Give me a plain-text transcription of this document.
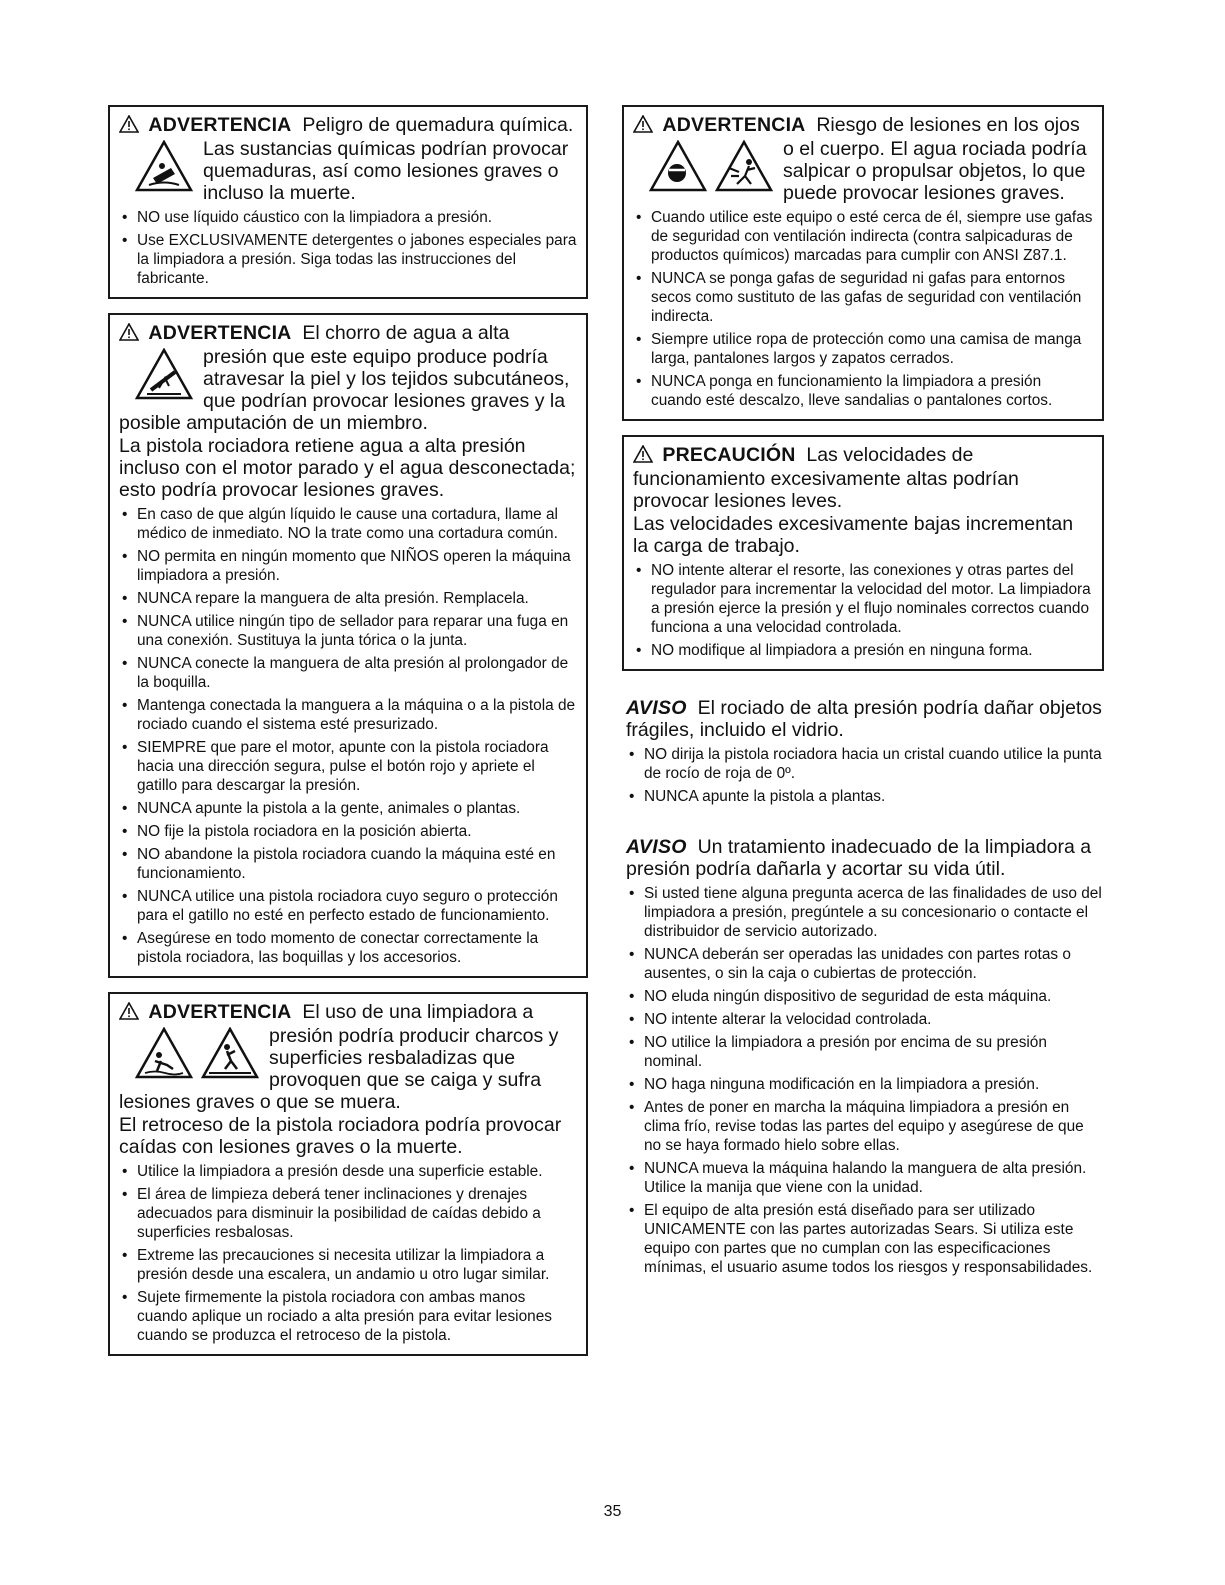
ADVERTENCIA Peligro de quemadura química.
Las sustancias químicas podrían provocar quemaduras, así como lesiones graves o incluso la muerte.
• NO use líquido cáustico con la limpiadora a presión.
• Use EXCLUSIVAMENTE detergentes o jabones especiales para la limpiadora a presión. Siga todas las instrucciones del fabricante.
ADVERTENCIA El chorro de agua a alta
presión que este equipo produce podría atravesar la piel y los tejidos subcutáneos, que podrían provocar lesiones graves y la posible amputación de un miembro.
La pistola rociadora retiene agua a alta presión incluso con el motor parado y el agua desconectada; esto podría provocar lesiones graves.
• En caso de que algún líquido le cause una cortadura, llame al médico de inmediato. NO la trate como una cortadura común.
• NO permita en ningún momento que NIÑOS operen la máquina limpiadora a presión.
• NUNCA repare la manguera de alta presión. Remplacela.
• NUNCA utilice ningún tipo de sellador para reparar una fuga en una conexión. Sustituya la junta tórica o la junta.
• NUNCA conecte la manguera de alta presión al prolongador de la boquilla.
• Mantenga conectada la manguera a la máquina o a la pistola de rociado cuando el sistema esté presurizado.
• SIEMPRE que pare el motor, apunte con la pistola rociadora hacia una dirección segura, pulse el botón rojo y apriete el gatillo para descargar la presión.
• NUNCA apunte la pistola a la gente, animales o plantas.
• NO fije la pistola rociadora en la posición abierta.
• NO abandone la pistola rociadora cuando la máquina esté en funcionamiento.
• NUNCA utilice una pistola rociadora cuyo seguro o protección para el gatillo no esté en perfecto estado de funcionamiento.
• Asegúrese en todo momento de conectar correctamente la pistola rociadora, las boquillas y los accesorios.
ADVERTENCIA El uso de una limpiadora a
presión podría producir charcos y superficies resbaladizas que provoquen que se caiga y sufra lesiones graves o que se muera.
El retroceso de la pistola rociadora podría provocar caídas con lesiones graves o la muerte.
• Utilice la limpiadora a presión desde una superficie estable.
• El área de limpieza deberá tener inclinaciones y drenajes adecuados para disminuir la posibilidad de caídas debido a superficies resbalosas.
• Extreme las precauciones si necesita utilizar la limpiadora a presión desde una escalera, un andamio u otro lugar similar.
• Sujete firmemente la pistola rociadora con ambas manos cuando aplique un rociado a alta presión para evitar lesiones cuando se produzca el retroceso de la pistola.
ADVERTENCIA Riesgo de lesiones en los ojos
o el cuerpo. El agua rociada podría salpicar o propulsar objetos, lo que puede provocar lesiones graves.
• Cuando utilice este equipo o esté cerca de él, siempre use gafas de seguridad con ventilación indirecta (contra salpicaduras de productos químicos) marcadas para cumplir con ANSI Z87.1.
• NUNCA se ponga gafas de seguridad ni gafas para entornos secos como sustituto de las gafas de seguridad con ventilación indirecta.
• Siempre utilice ropa de protección como una camisa de manga larga, pantalones largos y zapatos cerrados.
• NUNCA ponga en funcionamiento la limpiadora a presión cuando esté descalzo, lleve sandalias o pantalones cortos.
PRECAUCIÓN Las velocidades de
funcionamiento excesivamente altas podrían provocar lesiones leves.
Las velocidades excesivamente bajas incrementan la carga de trabajo.
• NO intente alterar el resorte, las conexiones y otras partes del regulador para incrementar la velocidad del motor. La limpiadora a presión ejerce la presión y el flujo nominales correctos cuando funciona a una velocidad controlada.
• NO modifique al limpiadora a presión en ninguna forma.
AVISO El rociado de alta presión podría dañar objetos frágiles, incluido el vidrio.
• NO dirija la pistola rociadora hacia un cristal cuando utilice la punta de rocío de roja de 0º.
• NUNCA apunte la pistola a plantas.
AVISO Un tratamiento inadecuado de la limpiadora a presión podría dañarla y acortar su vida útil.
• Si usted tiene alguna pregunta acerca de las finalidades de uso del limpiadora a presión, pregúntele a su concesionario o contacte el distribuidor de servicio autorizado.
• NUNCA deberán ser operadas las unidades con partes rotas o ausentes, o sin la caja o cubiertas de protección.
• NO eluda ningún dispositivo de seguridad de esta máquina.
• NO intente alterar la velocidad controlada.
• NO utilice la limpiadora a presión por encima de su presión nominal.
• NO haga ninguna modificación en la limpiadora a presión.
• Antes de poner en marcha la máquina limpiadora a presión en clima frío, revise todas las partes del equipo y asegúrese de que no se haya formado hielo sobre ellas.
• NUNCA mueva la máquina halando la manguera de alta presión. Utilice la manija que viene con la unidad.
• El equipo de alta presión está diseñado para ser utilizado UNICAMENTE con las partes autorizadas Sears. Si utiliza este equipo con partes que no cumplan con las especificaciones mínimas, el usuario asume todos los riesgos y responsabilidades.
35
